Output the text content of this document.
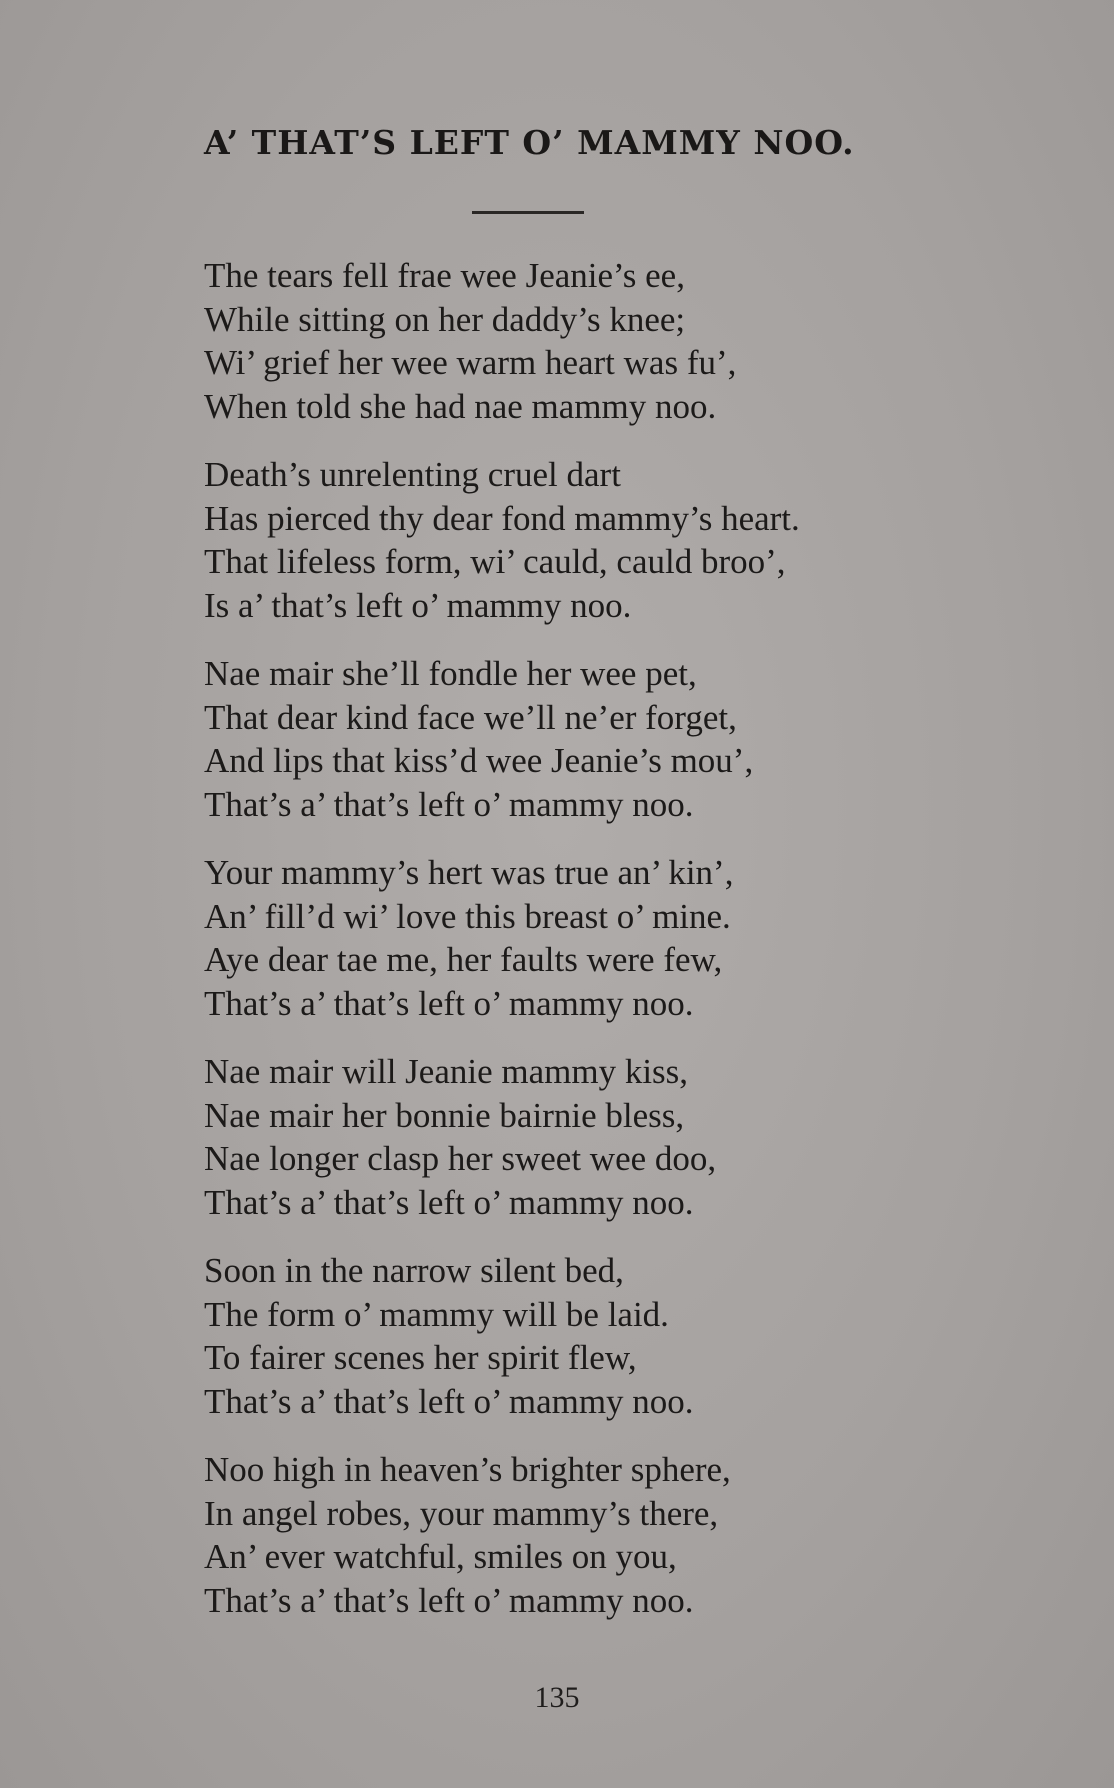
A’ THAT’S LEFT O’ MAMMY NOO.
The tears fell frae wee Jeanie’s ee,
While sitting on her daddy’s knee;
Wi’ grief her wee warm heart was fu’,
When told she had nae mammy noo.
Death’s unrelenting cruel dart
Has pierced thy dear fond mammy’s heart.
That lifeless form, wi’ cauld, cauld broo’,
Is a’ that’s left o’ mammy noo.
Nae mair she’ll fondle her wee pet,
That dear kind face we’ll ne’er forget,
And lips that kiss’d wee Jeanie’s mou’,
That’s a’ that’s left o’ mammy noo.
Your mammy’s hert was true an’ kin’,
An’ fill’d wi’ love this breast o’ mine.
Aye dear tae me, her faults were few,
That’s a’ that’s left o’ mammy noo.
Nae mair will Jeanie mammy kiss,
Nae mair her bonnie bairnie bless,
Nae longer clasp her sweet wee doo,
That’s a’ that’s left o’ mammy noo.
Soon in the narrow silent bed,
The form o’ mammy will be laid.
To fairer scenes her spirit flew,
That’s a’ that’s left o’ mammy noo.
Noo high in heaven’s brighter sphere,
In angel robes, your mammy’s there,
An’ ever watchful, smiles on you,
That’s a’ that’s left o’ mammy noo.
135
